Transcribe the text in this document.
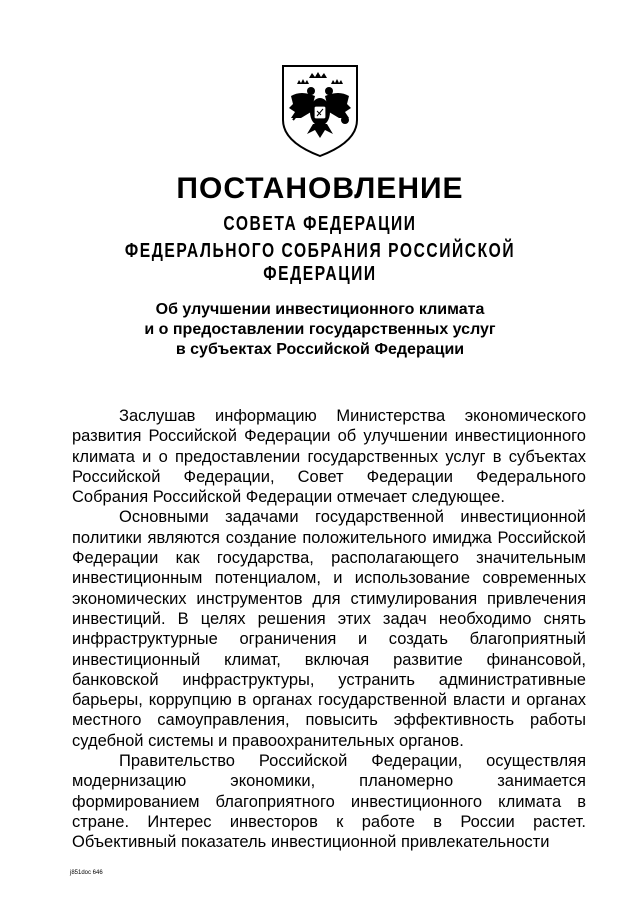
ПОСТАНОВЛЕНИЕ
СОВЕТА ФЕДЕРАЦИИ
ФЕДЕРАЛЬНОГО СОБРАНИЯ РОССИЙСКОЙ ФЕДЕРАЦИИ
Об улучшении инвестиционного климата
и о предоставлении государственных услуг
в субъектах Российской Федерации

Заслушав информацию Министерства экономического развития Российской Федерации об улучшении инвестиционного климата и о предоставлении государственных услуг в субъектах Российской Федерации, Совет Федерации Федерального Собрания Российской Федерации отмечает следующее.

Основными задачами государственной инвестиционной политики являются создание положительного имиджа Российской Федерации как государства, располагающего значительным инвестиционным потенциалом, и использование современных экономических инструментов для стимулирования привлечения инвестиций. В целях решения этих задач необходимо снять инфраструктурные ограничения и создать благоприятный инвестиционный климат, включая развитие финансовой, банковской инфраструктуры, устранить административные барьеры, коррупцию в органах государственной власти и органах местного самоуправления, повысить эффективность работы судебной системы и правоохранительных органов.

Правительство Российской Федерации, осуществляя модернизацию экономики, планомерно занимается формированием благоприятного инвестиционного климата в стране. Интерес инвесторов к работе в России растет. Объективный показатель инвестиционной привлекательности

j851doc 646
